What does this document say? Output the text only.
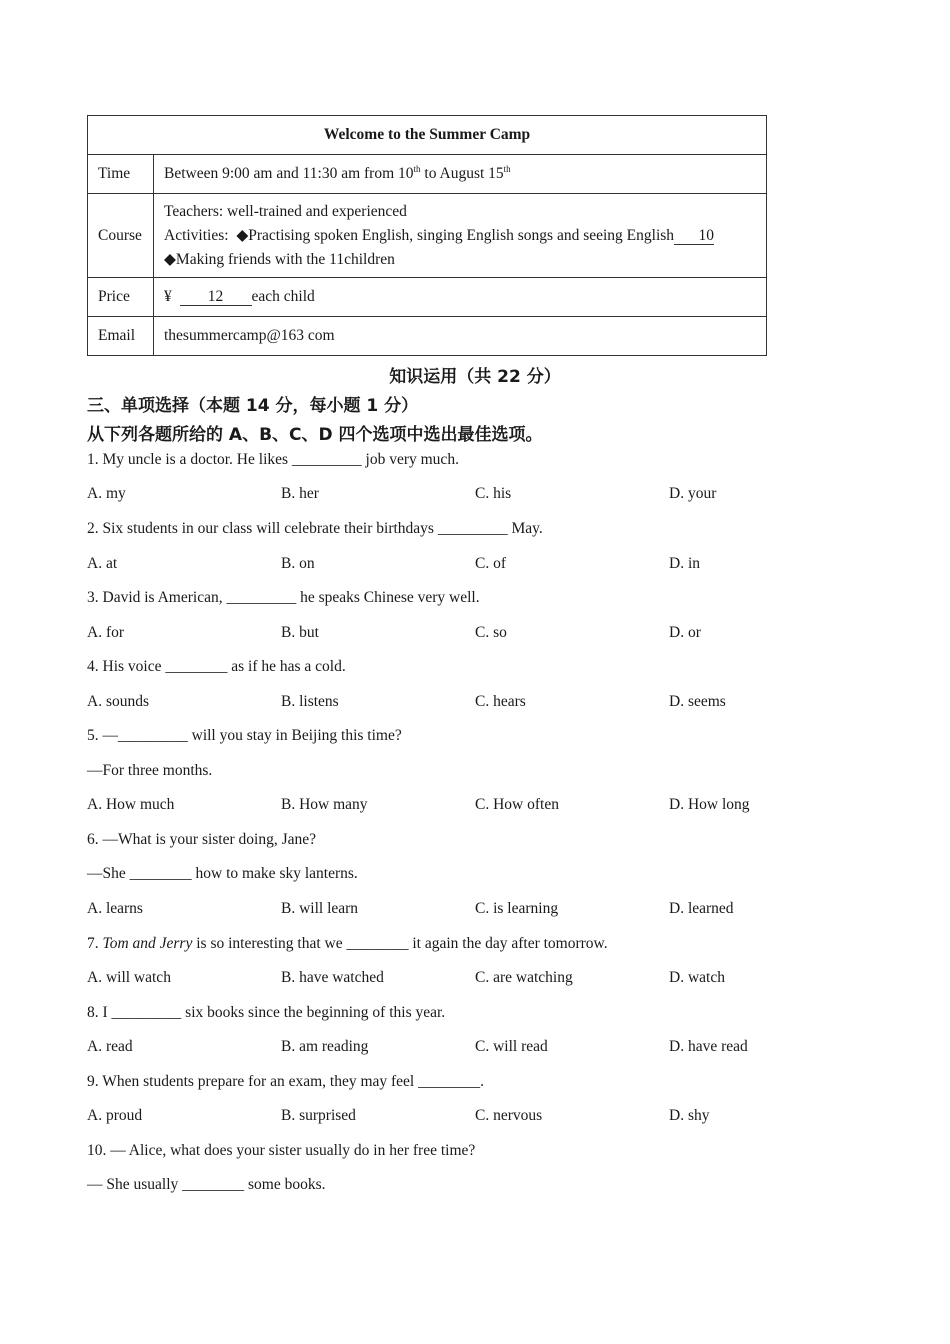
Welcome to the Summer Camp	
Time	Between 9:00 am and 11:30 am from 10th to August 15th
Course	Teachers: well-trained and experienced
Activities:  ◆Practising spoken English, singing English songs and seeing English 10
◆Making friends with the 11children

Price	¥ 12 each child
Email	thesummercamp@163 com
知识运用（共 22 分）
三、单项选择（本题 14 分，每小题 1 分）
从下列各题所给的 A、B、C、D 四个选项中选出最佳选项。
1. My uncle is a doctor. He likes _________ job very much.
A. my	B. her	C. his	D. your
2. Six students in our class will celebrate their birthdays _________ May.
A. at	B. on	C. of	D. in
3. David is American, _________ he speaks Chinese very well.
A. for	B. but	C. so	D. or
4. His voice ________ as if he has a cold.
A. sounds	B. listens	C. hears	D. seems
5. —_________ will you stay in Beijing this time?
—For three months.
A. How much	B. How many	C. How often	D. How long
6. —What is your sister doing, Jane?
—She ________ how to make sky lanterns.
A. learns	B. will learn	C. is learning	D. learned
7. Tom and Jerry is so interesting that we ________ it again the day after tomorrow.
A. will watch	B. have watched	C. are watching	D. watch
8. I _________ six books since the beginning of this year.
A. read	B. am reading	C. will read	D. have read
9. When students prepare for an exam, they may feel ________.
A. proud	B. surprised	C. nervous	D. shy
10. — Alice, what does your sister usually do in her free time?
— She usually ________ some books.
